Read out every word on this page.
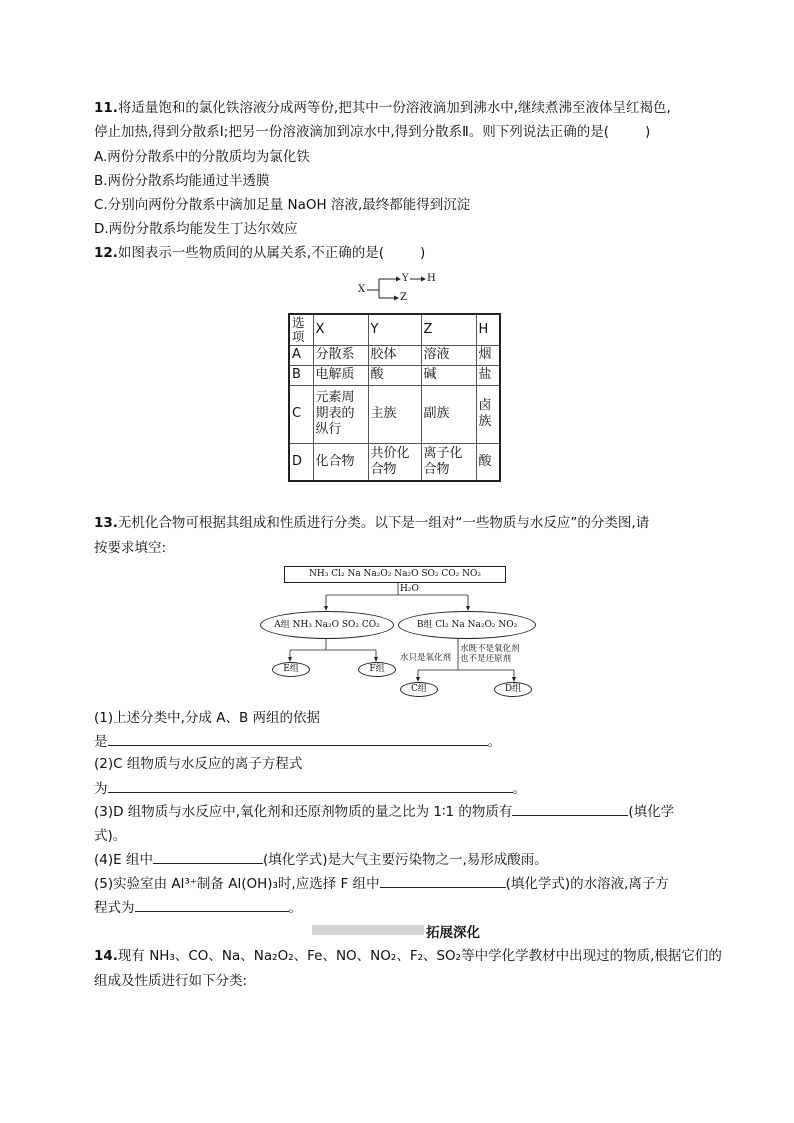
11.将适量饱和的氯化铁溶液分成两等份,把其中一份溶液滴加到沸水中,继续煮沸至液体呈红褐色,
停止加热,得到分散系Ⅰ;把另一份溶液滴加到凉水中,得到分散系Ⅱ。则下列说法正确的是(	)
A.两份分散系中的分散质均为氯化铁
B.两份分散系均能通过半透膜
C.分别向两份分散系中滴加足量 NaOH 溶液,最终都能得到沉淀
D.两份分散系均能发生丁达尔效应
12.如图表示一些物质间的从属关系,不正确的是(	)
X
Y H
Z
选项	X	Y	Z	H
A	分散系	胶体	溶液	烟
B	电解质	酸	碱	盐
C	元素周期表的纵行	主族	副族	卤族
D	化合物	共价化合物	离子化合物	酸
13.无机化合物可根据其组成和性质进行分类。以下是一组对“一些物质与水反应”的分类图,请
按要求填空:
NH₃ Cl₂ Na Na₂O₂ Na₂O SO₂ CO₂ NO₂
H₂O
A组 NH₃ Na₂O SO₂ CO₂	B组 Cl₂ Na Na₂O₂ NO₂
E组	F组
水只是氧化剂
水既不是氧化剂
也不是还原剂
C组	D组
(1)上述分类中,分成 A、B 两组的依据
是	。
(2)C 组物质与水反应的离子方程式
为	。
(3)D 组物质与水反应中,氧化剂和还原剂物质的量之比为 1∶1 的物质有	(填化学
式)。
(4)E 组中	(填化学式)是大气主要污染物之一,易形成酸雨。
(5)实验室由 Al³⁺制备 Al(OH)₃时,应选择 F 组中	(填化学式)的水溶液,离子方
程式为	。
拓展深化
14.现有 NH₃、CO、Na、Na₂O₂、Fe、NO、NO₂、F₂、SO₂等中学化学教材中出现过的物质,根据它们的
组成及性质进行如下分类:
